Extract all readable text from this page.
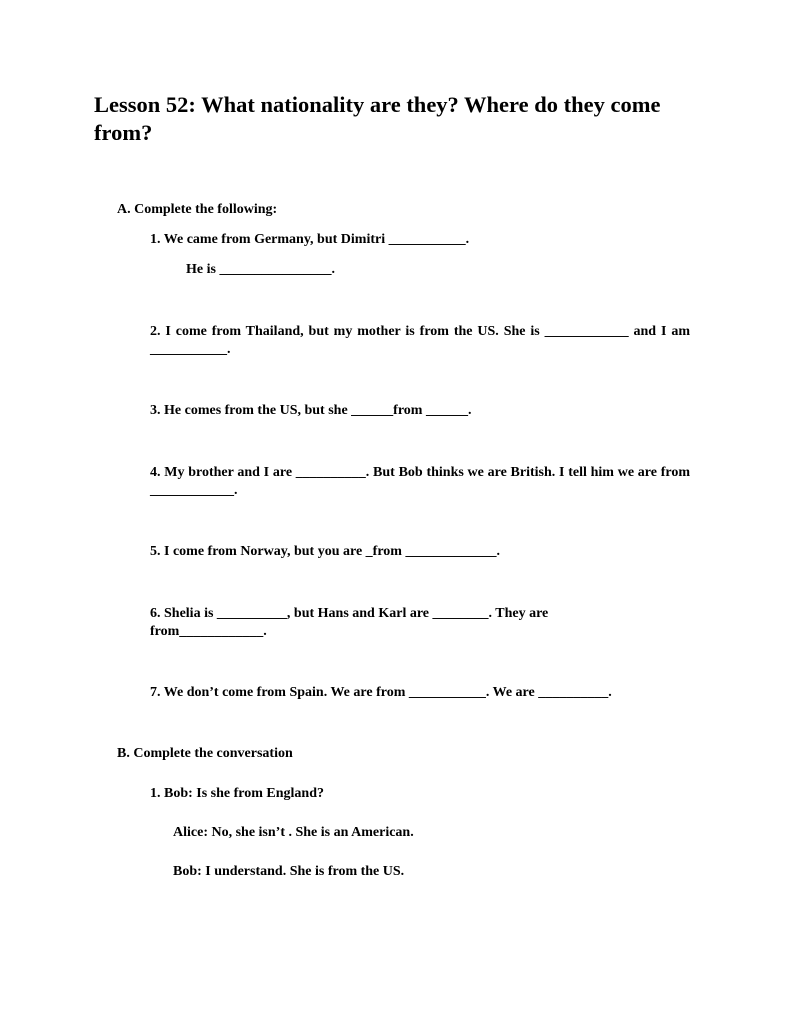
Lesson 52: What nationality are they? Where do they come from?

A. Complete the following:

1. We came from Germany, but Dimitri ___________.

He is ________________.

2. I come from Thailand, but my mother is from the US. She is ____________ and I am ___________.

3. He comes from the US, but she ______from ______.

4. My brother and I are __________. But Bob thinks we are British. I tell him we are from ____________.

5. I come from Norway, but you are _from _____________.

6. Shelia is __________, but Hans and Karl are ________. They are from____________.

7. We don’t come from Spain. We are from ___________. We are __________.

B. Complete the conversation

1. Bob: Is she from England?

Alice: No, she isn’t . She is an American.

Bob: I understand. She is from the US.
